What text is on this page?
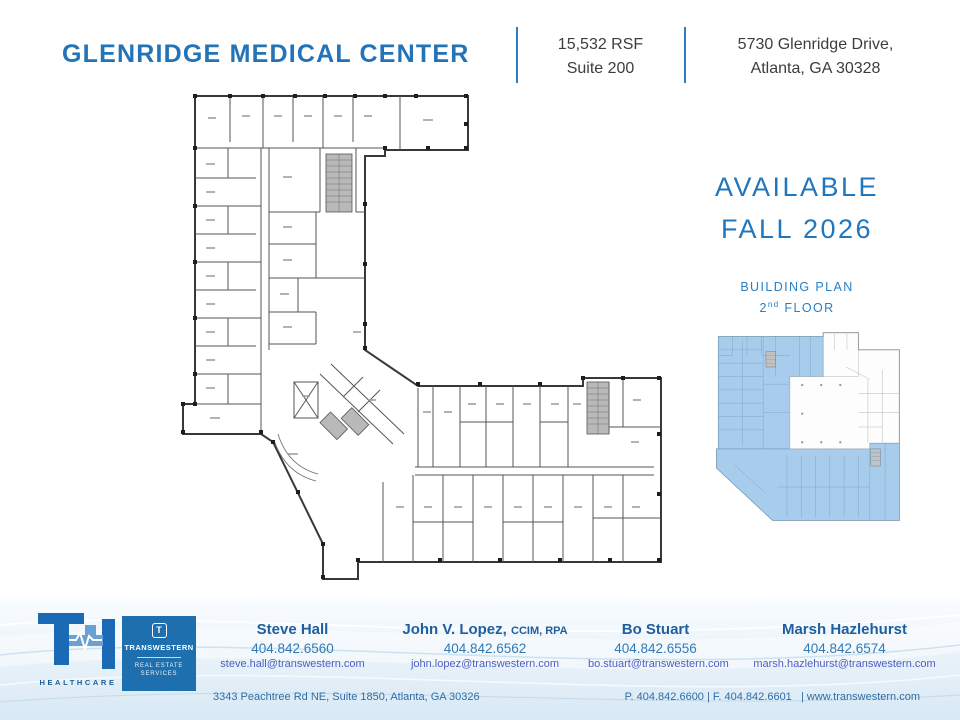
GLENRIDGE MEDICAL CENTER	15,532 RSF
Suite 200
5730 Glenridge Drive,
Atlanta, GA 30328
AVAILABLE
FALL 2026
BUILDING PLAN
2nd FLOOR
HEALTHCARE
T
TRANSWESTERN
REAL ESTATE
SERVICES
Steve Hall
404.842.6560
steve.hall@transwestern.com
John V. Lopez, CCIM, RPA
404.842.6562
john.lopez@transwestern.com
Bo Stuart
404.842.6556
bo.stuart@transwestern.com
Marsh Hazlehurst
404.842.6574
marsh.hazlehurst@transwestern.com
3343 Peachtree Rd NE, Suite 1850, Atlanta, GA 30326	P. 404.842.6600 | F. 404.842.6601 | www.transwestern.com
